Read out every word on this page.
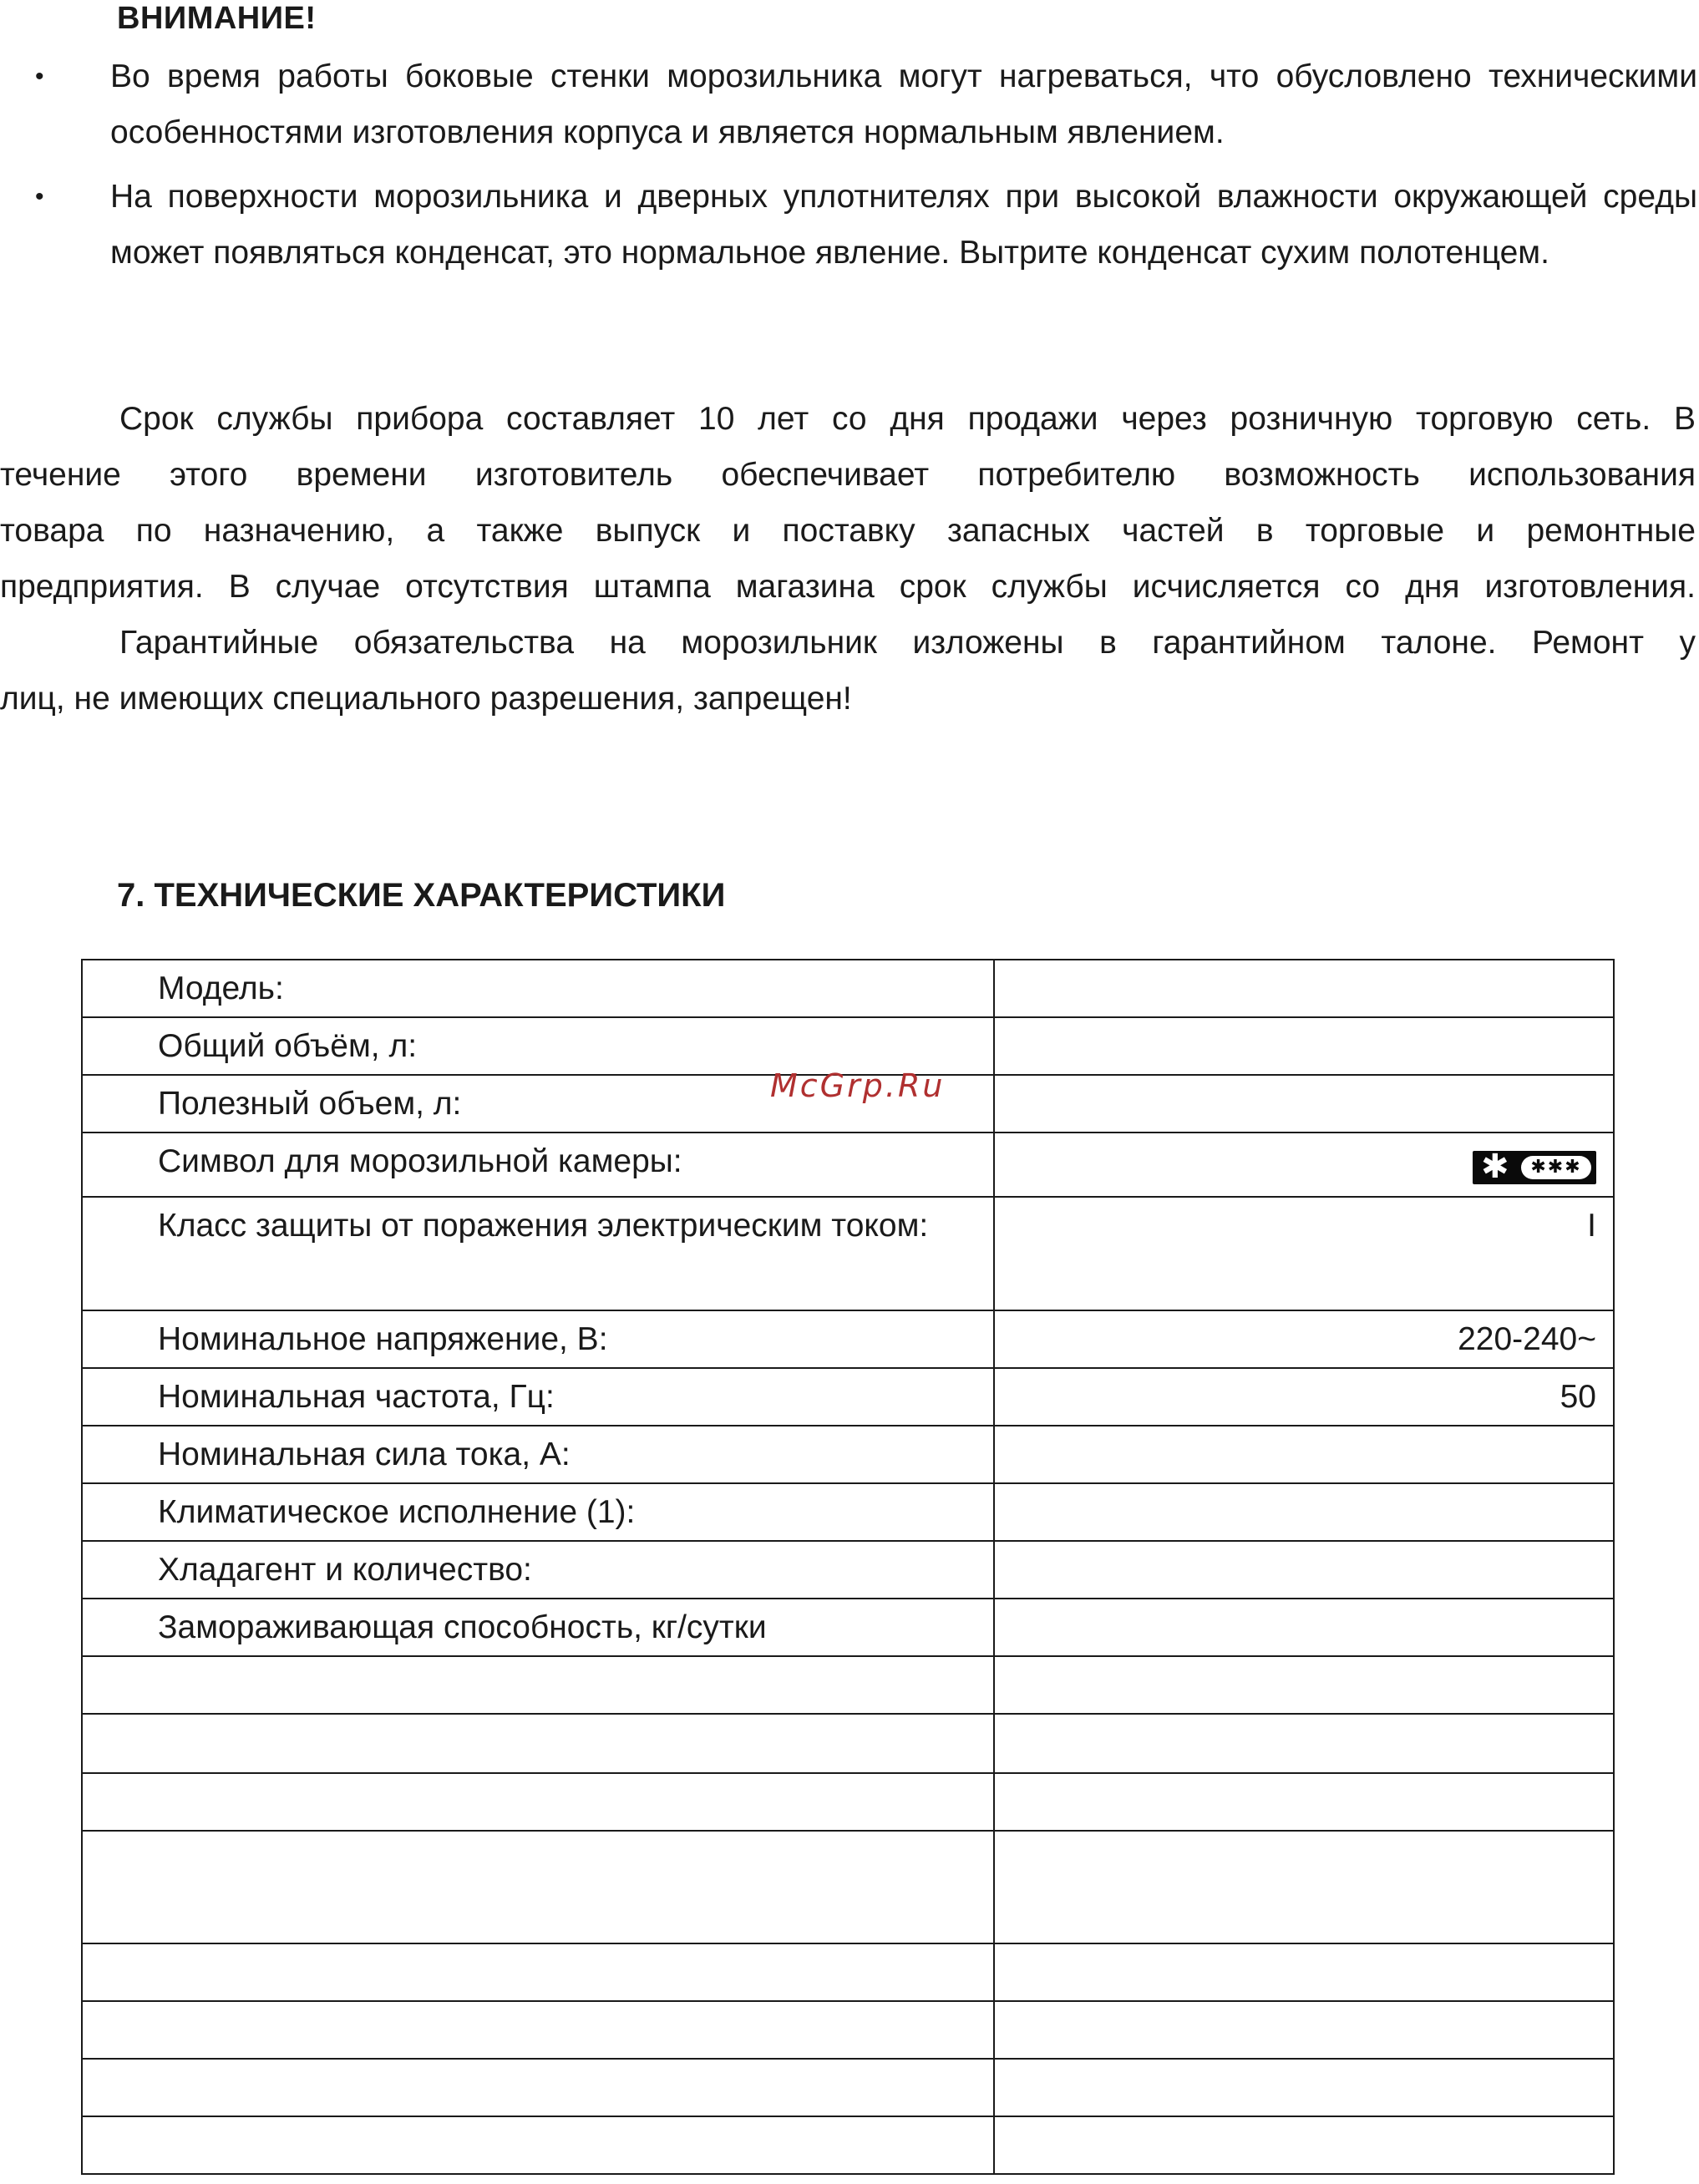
ВНИМАНИЕ!
• Во время работы боковые стенки морозильника могут нагреваться, что обусловлено техническими особенностями изготовления корпуса и является нормальным явлением.
• На поверхности морозильника и дверных уплотнителях при высокой влажности окружающей среды может появляться конденсат, это нормальное явление. Вытрите конденсат сухим полотенцем.
Срок службы прибора составляет 10 лет со дня продажи через розничную торговую сеть. В
течение этого времени изготовитель обеспечивает потребителю возможность использования
товара по назначению, а также выпуск и поставку запасных частей в торговые и ремонтные
предприятия. В случае отсутствия штампа магазина срок службы исчисляется со дня изготовления.
Гарантийные обязательства на морозильник изложены в гарантийном талоне. Ремонт у
лиц, не имеющих специального разрешения, запрещен!
7. ТЕХНИЧЕСКИЕ ХАРАКТЕРИСТИКИ
Модель:	
Общий объём, л:	
Полезный объем, л:	
Символ для морозильной камеры:	✱ ✱✱✱

Класс защиты от поражения электрическим током:	I
Номинальное напряжение, В:	220-240~
Номинальная частота, Гц:	50
Номинальная сила тока, А:	
Климатическое исполнение (1):	
Хладагент и количество:	
Замораживающая способность, кг/сутки	

McGrp.Ru
